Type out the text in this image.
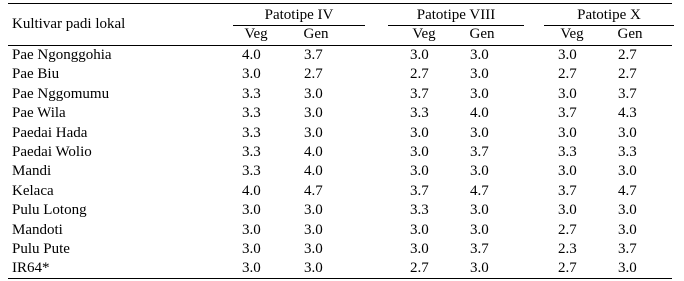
Kultivar padi lokal
Patotipe IV	Patotipe VIII	Patotipe X
Veg	Gen	Veg	Gen	Veg	Gen
Pae Ngonggohia	4.0	3.7	3.0	3.0	3.0	2.7
Pae Biu	3.0	2.7	2.7	3.0	2.7	2.7
Pae Nggomumu	3.3	3.0	3.7	3.0	3.0	3.7
Pae Wila	3.3	3.0	3.3	4.0	3.7	4.3
Paedai Hada	3.3	3.0	3.0	3.0	3.0	3.0
Paedai Wolio	3.3	4.0	3.0	3.7	3.3	3.3
Mandi	3.3	4.0	3.0	3.0	3.0	3.0
Kelaca	4.0	4.7	3.7	4.7	3.7	4.7
Pulu Lotong	3.0	3.0	3.3	3.0	3.0	3.0
Mandoti	3.0	3.0	3.0	3.0	2.7	3.0
Pulu Pute	3.0	3.0	3.0	3.7	2.3	3.7
IR64*	3.0	3.0	2.7	3.0	2.7	3.0
